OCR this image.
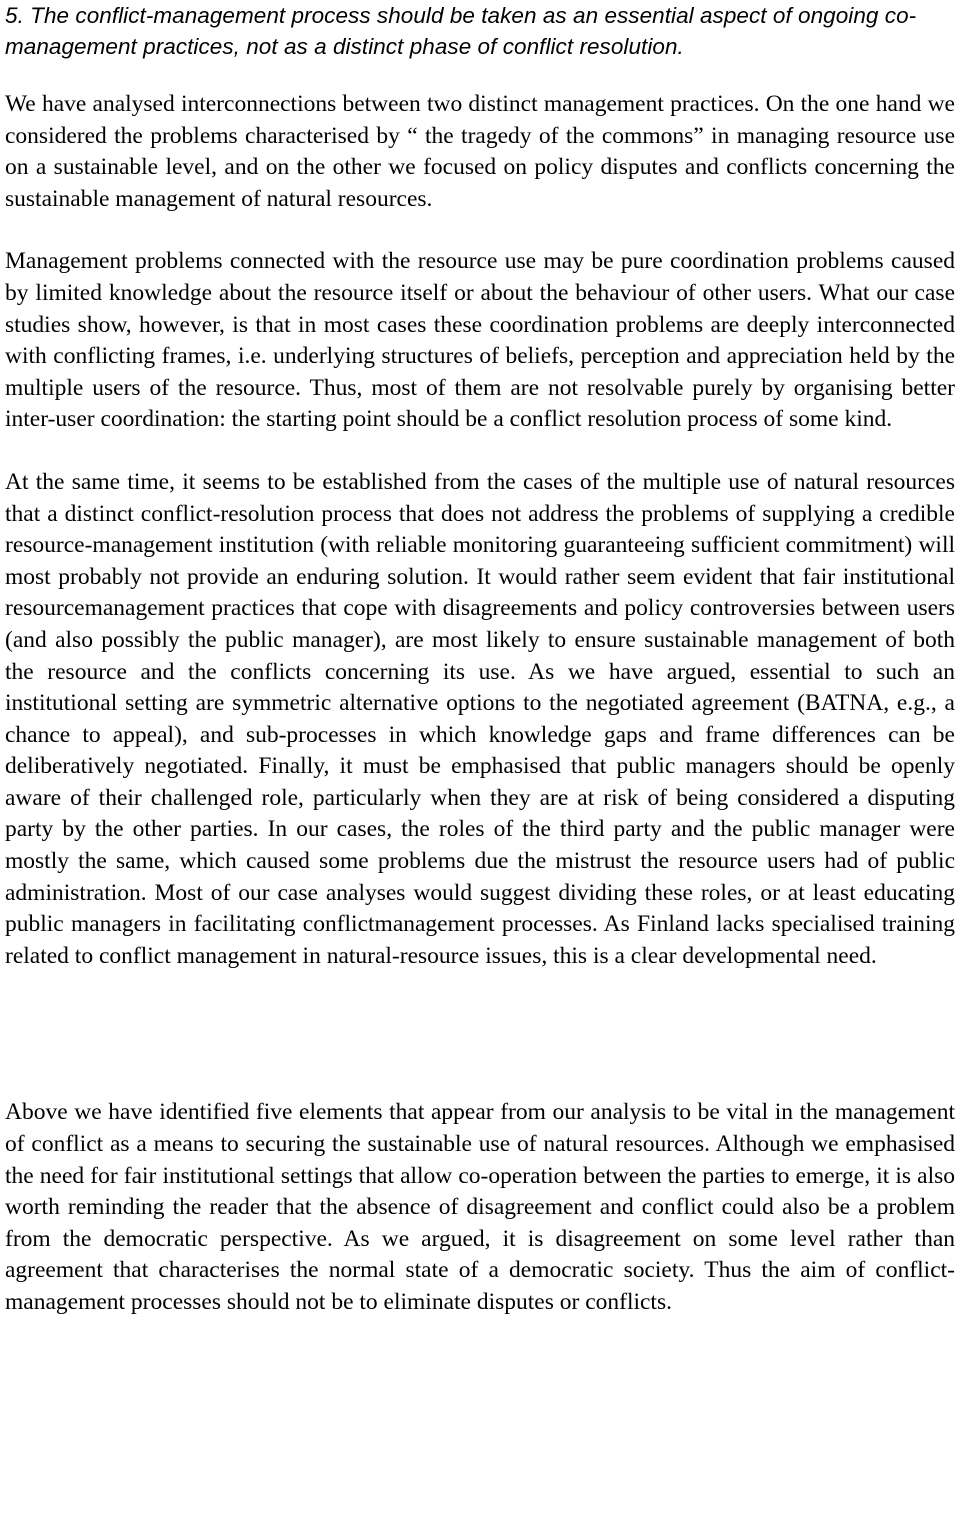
5. The conflict-management process should be taken as an essential aspect of ongoing co-management practices, not as a distinct phase of conflict resolution.

We have analysed interconnections between two distinct management practices. On the one hand we considered the problems characterised by “ the tragedy of the commons” in managing resource use on a sustainable level, and on the other we focused on policy disputes and conflicts concerning the sustainable management of natural resources.

Management problems connected with the resource use may be pure coordination problems caused by limited knowledge about the resource itself or about the behaviour of other users. What our case studies show, however, is that in most cases these coordination problems are deeply interconnected with conflicting frames, i.e. underlying structures of beliefs, perception and appreciation held by the multiple users of the resource. Thus, most of them are not resolvable purely by organising better inter-user coordination: the starting point should be a conflict resolution process of some kind.

At the same time, it seems to be established from the cases of the multiple use of natural resources that a distinct conflict-resolution process that does not address the problems of supplying a credible resource-management institution (with reliable monitoring guaranteeing sufficient commitment) will most probably not provide an enduring solution. It would rather seem evident that fair institutional resourcemanagement practices that cope with disagreements and policy controversies between users (and also possibly the public manager), are most likely to ensure sustainable management of both the resource and the conflicts concerning its use. As we have argued, essential to such an institutional setting are symmetric alternative options to the negotiated agreement (BATNA, e.g., a chance to appeal), and sub-processes in which knowledge gaps and frame differences can be deliberatively negotiated. Finally, it must be emphasised that public managers should be openly aware of their challenged role, particularly when they are at risk of being considered a disputing party by the other parties. In our cases, the roles of the third party and the public manager were mostly the same, which caused some problems due the mistrust the resource users had of public administration. Most of our case analyses would suggest dividing these roles, or at least educating public managers in facilitating conflictmanagement processes. As Finland lacks specialised training related to conflict management in natural-resource issues, this is a clear developmental need.

Above we have identified five elements that appear from our analysis to be vital in the management of conflict as a means to securing the sustainable use of natural resources. Although we emphasised the need for fair institutional settings that allow co-operation between the parties to emerge, it is also worth reminding the reader that the absence of disagreement and conflict could also be a problem from the democratic perspective. As we argued, it is disagreement on some level rather than agreement that characterises the normal state of a democratic society. Thus the aim of conflictmanagement processes should not be to eliminate disputes or conflicts.
